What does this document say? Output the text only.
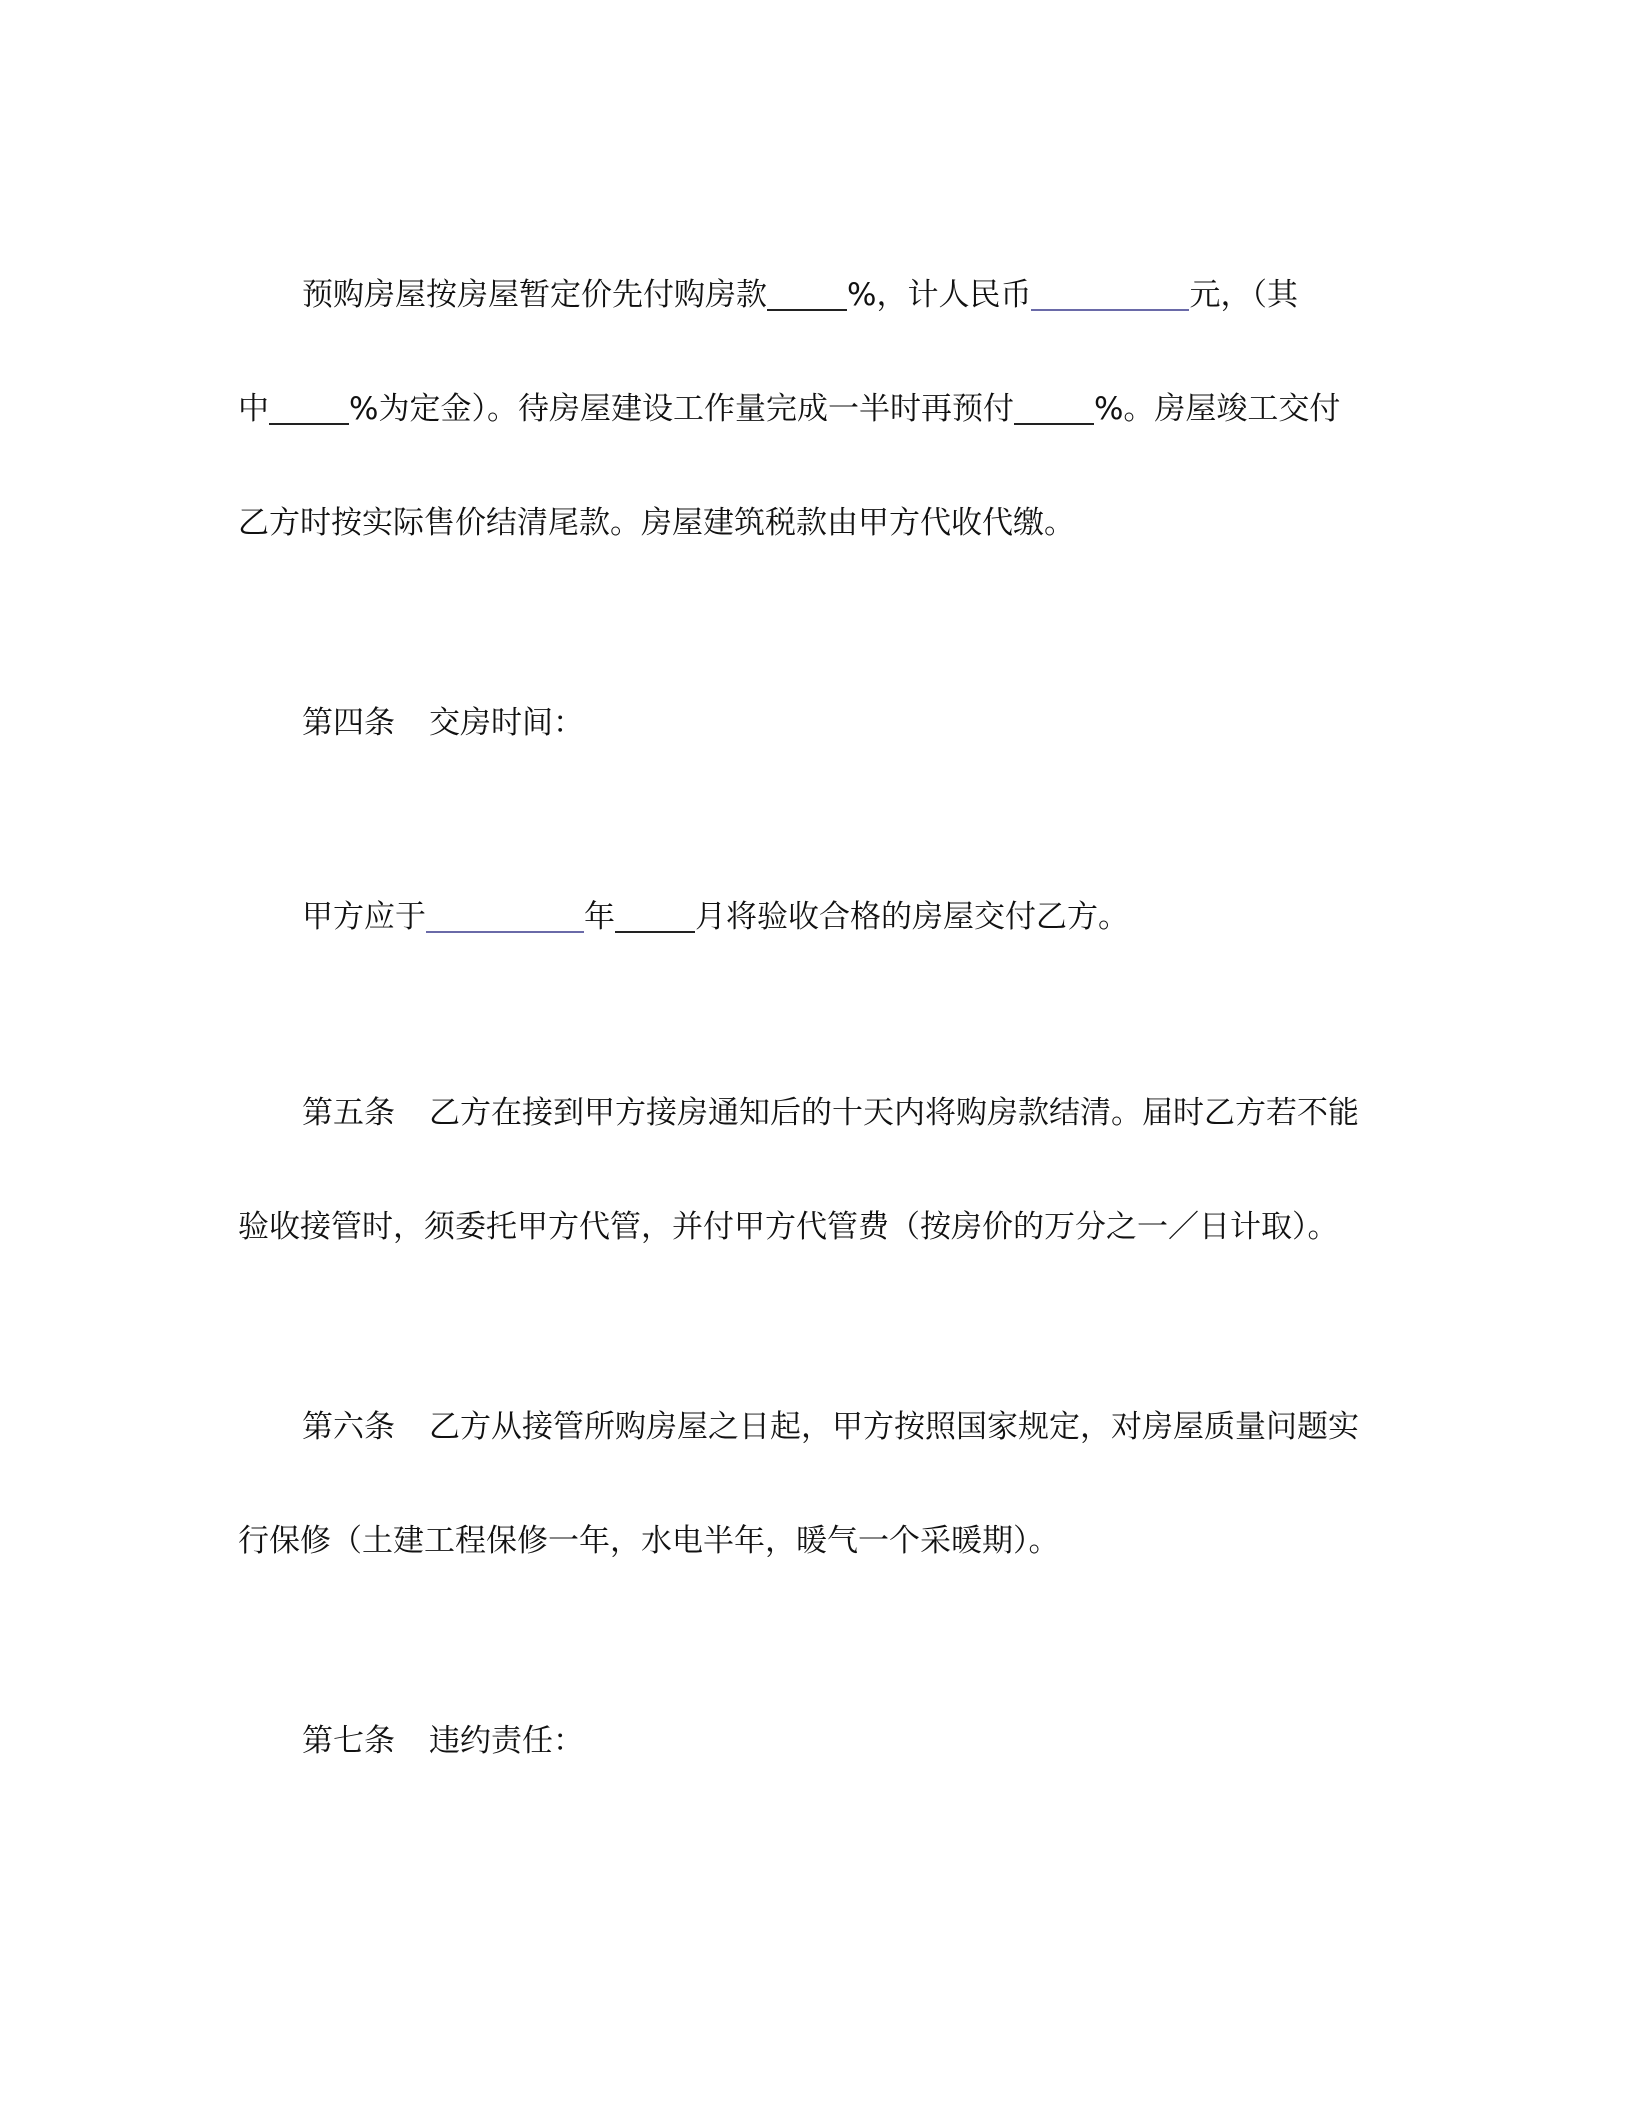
预购房屋按房屋暂定价先付购房款	%，计人民币	元，（其
中	%为定金）。待房屋建设工作量完成一半时再预付	%。房屋竣工交付
乙方时按实际售价结清尾款。房屋建筑税款由甲方代收代缴。
第四条 交房时间：
甲方应于	年	月将验收合格的房屋交付乙方。
第五条 乙方在接到甲方接房通知后的十天内将购房款结清。届时乙方若不能
验收接管时，须委托甲方代管，并付甲方代管费（按房价的万分之一／日计取）。
第六条 乙方从接管所购房屋之日起，甲方按照国家规定，对房屋质量问题实
行保修（土建工程保修一年，水电半年，暖气一个采暖期）。
第七条 违约责任：
